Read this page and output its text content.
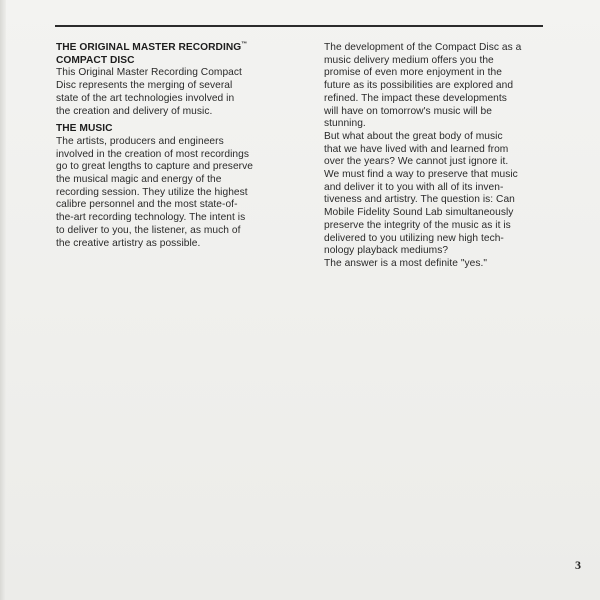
THE ORIGINAL MASTER RECORDING™
COMPACT DISC
This Original Master Recording Compact
Disc represents the merging of several
state of the art technologies involved in
the creation and delivery of music.
THE MUSIC
The artists, producers and engineers
involved in the creation of most recordings
go to great lengths to capture and preserve
the musical magic and energy of the
recording session. They utilize the highest
calibre personnel and the most state-of-
the-art recording technology. The intent is
to deliver to you, the listener, as much of
the creative artistry as possible.
The development of the Compact Disc as a
music delivery medium offers you the
promise of even more enjoyment in the
future as its possibilities are explored and
refined. The impact these developments
will have on tomorrow's music will be
stunning.
But what about the great body of music
that we have lived with and learned from
over the years? We cannot just ignore it.
We must find a way to preserve that music
and deliver it to you with all of its inven-
tiveness and artistry. The question is: Can
Mobile Fidelity Sound Lab simultaneously
preserve the integrity of the music as it is
delivered to you utilizing new high tech-
nology playback mediums?
The answer is a most definite "yes."
3
